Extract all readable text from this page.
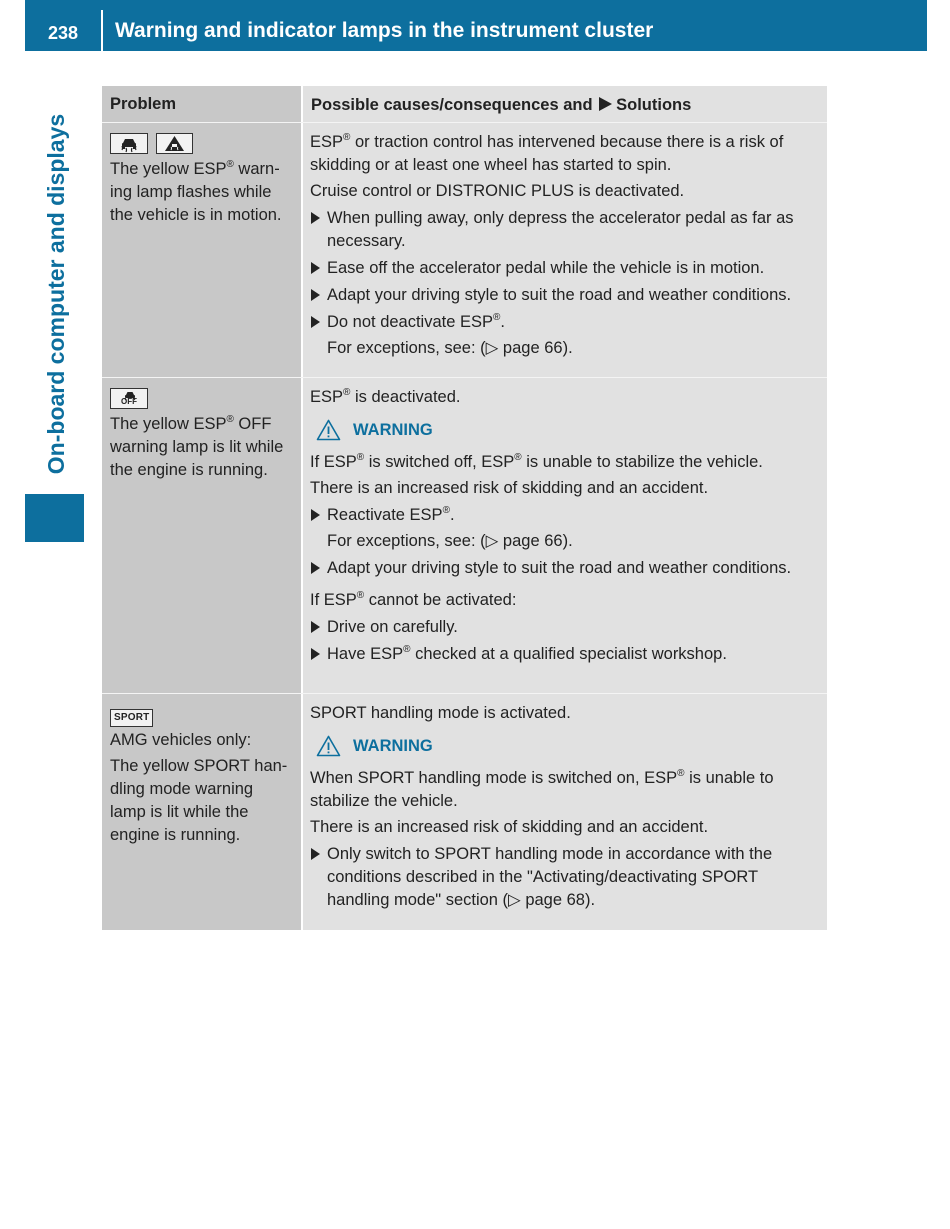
238	Warning and indicator lamps in the instrument cluster
On-board computer and displays
Problem	Possible causes/consequences and Solutions

The yellow ESP® warn-ing lamp flashes while the vehicle is in motion.
ESP® or traction control has intervened because there is a risk of skidding or at least one wheel has started to spin.
Cruise control or DISTRONIC PLUS is deactivated.
When pulling away, only depress the accelerator pedal as far as necessary.
Ease off the accelerator pedal while the vehicle is in motion.
Adapt your driving style to suit the road and weather conditions.
Do not deactivate ESP®.
For exceptions, see: (▷ page 66).
OFF
The yellow ESP® OFF warning lamp is lit while the engine is running.
ESP® is deactivated.
WARNING
If ESP® is switched off, ESP® is unable to stabilize the vehicle.
There is an increased risk of skidding and an accident.
Reactivate ESP®.
For exceptions, see: (▷ page 66).
Adapt your driving style to suit the road and weather conditions.
If ESP® cannot be activated:
Drive on carefully.
Have ESP® checked at a qualified specialist workshop.
SPORT
AMG vehicles only:
The yellow SPORT han-dling mode warning lamp is lit while the engine is running.
SPORT handling mode is activated.
WARNING
When SPORT handling mode is switched on, ESP® is unable to stabilize the vehicle.
There is an increased risk of skidding and an accident.
Only switch to SPORT handling mode in accordance with the conditions described in the "Activating/deactivating SPORT handling mode" section (▷ page 68).
